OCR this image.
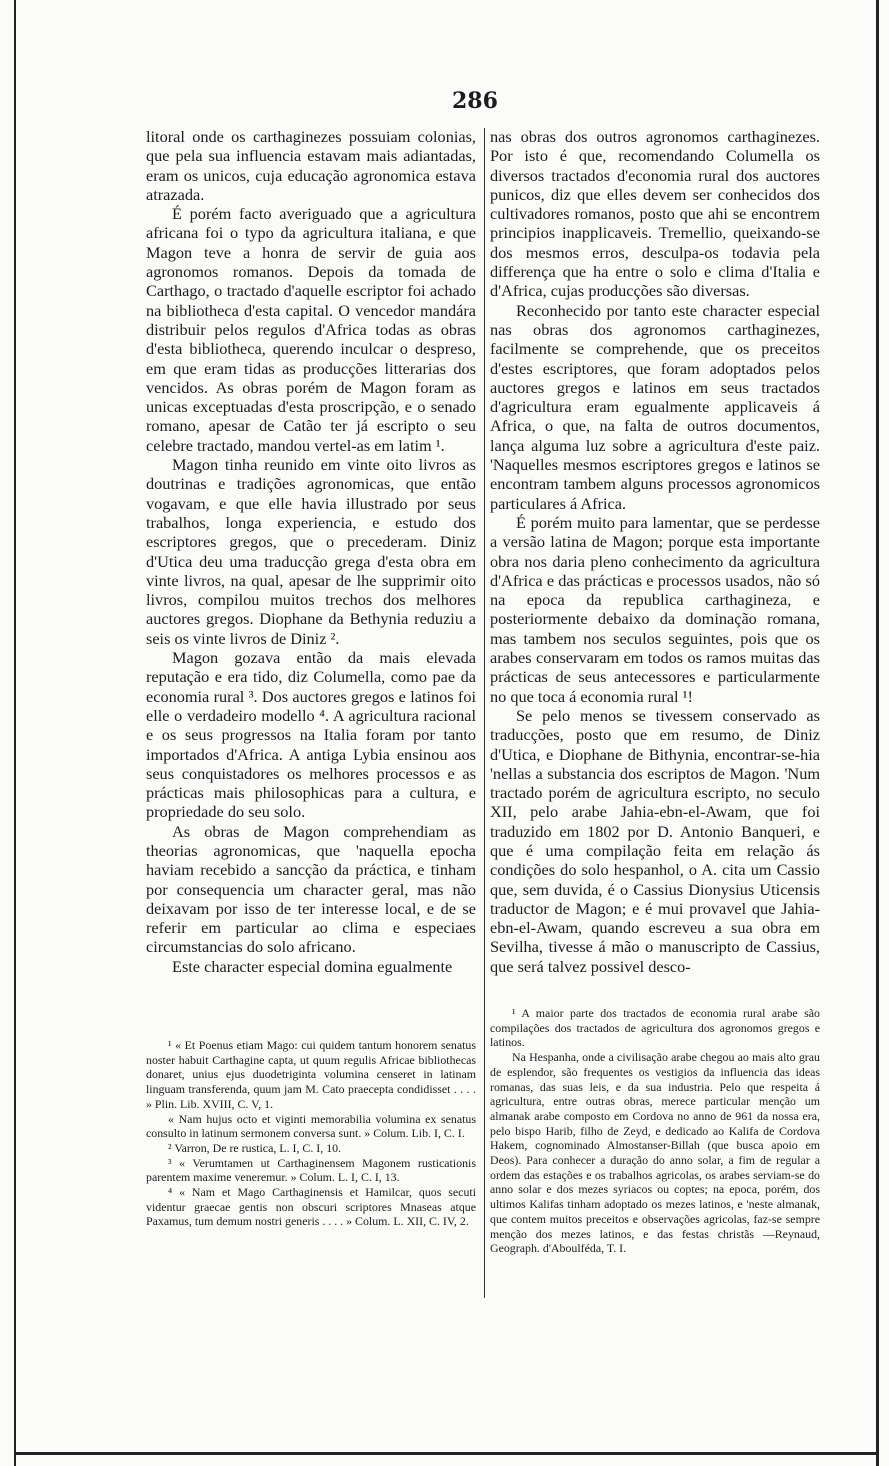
286

litoral onde os carthaginezes possuiam colonias, que pela sua influencia estavam mais adiantadas, eram os unicos, cuja educação agronomica estava atrazada.

É porém facto averiguado que a agricultura africana foi o typo da agricultura italiana, e que Magon teve a honra de servir de guia aos agronomos romanos. Depois da tomada de Carthago, o tractado d'aquelle escriptor foi achado na bibliotheca d'esta capital. O vencedor mandára distribuir pelos regulos d'Africa todas as obras d'esta bibliotheca, querendo inculcar o despreso, em que eram tidas as producções litterarias dos vencidos. As obras porém de Magon foram as unicas exceptuadas d'esta proscripção, e o senado romano, apesar de Catão ter já escripto o seu celebre tractado, mandou vertel-as em latim ¹.

Magon tinha reunido em vinte oito livros as doutrinas e tradições agronomicas, que então vogavam, e que elle havia illustrado por seus trabalhos, longa experiencia, e estudo dos escriptores gregos, que o precederam. Diniz d'Utica deu uma traducção grega d'esta obra em vinte livros, na qual, apesar de lhe supprimir oito livros, compilou muitos trechos dos melhores auctores gregos. Diophane da Bethynia reduziu a seis os vinte livros de Diniz ².

Magon gozava então da mais elevada reputação e era tido, diz Columella, como pae da economia rural ³. Dos auctores gregos e latinos foi elle o verdadeiro modello ⁴. A agricultura racional e os seus progressos na Italia foram por tanto importados d'Africa. A antiga Lybia ensinou aos seus conquistadores os melhores processos e as prácticas mais philosophicas para a cultura, e propriedade do seu solo.

As obras de Magon comprehendiam as theorias agronomicas, que 'naquella epocha haviam recebido a sancção da práctica, e tinham por consequencia um character geral, mas não deixavam por isso de ter interesse local, e de se referir em particular ao clima e especiaes circumstancias do solo africano.

Este character especial domina egualmente

nas obras dos outros agronomos carthaginezes. Por isto é que, recomendando Columella os diversos tractados d'economia rural dos auctores punicos, diz que elles devem ser conhecidos dos cultivadores romanos, posto que ahi se encontrem principios inapplicaveis. Tremellio, queixando-se dos mesmos erros, desculpa-os todavia pela differença que ha entre o solo e clima d'Italia e d'Africa, cujas producções são diversas.

Reconhecido por tanto este character especial nas obras dos agronomos carthaginezes, facilmente se comprehende, que os preceitos d'estes escriptores, que foram adoptados pelos auctores gregos e latinos em seus tractados d'agricultura eram egualmente applicaveis á Africa, o que, na falta de outros documentos, lança alguma luz sobre a agricultura d'este paiz. 'Naquelles mesmos escriptores gregos e latinos se encontram tambem alguns processos agronomicos particulares á Africa.

É porém muito para lamentar, que se perdesse a versão latina de Magon; porque esta importante obra nos daria pleno conhecimento da agricultura d'Africa e das prácticas e processos usados, não só na epoca da republica carthagineza, e posteriormente debaixo da dominação romana, mas tambem nos seculos seguintes, pois que os arabes conservaram em todos os ramos muitas das prácticas de seus antecessores e particularmente no que toca á economia rural ¹!

Se pelo menos se tivessem conservado as traducções, posto que em resumo, de Diniz d'Utica, e Diophane de Bithynia, encontrar-se-hia 'nellas a substancia dos escriptos de Magon. 'Num tractado porém de agricultura escripto, no seculo XII, pelo arabe Jahia-ebn-el-Awam, que foi traduzido em 1802 por D. Antonio Banqueri, e que é uma compilação feita em relação ás condições do solo hespanhol, o A. cita um Cassio que, sem duvida, é o Cassius Dionysius Uticensis traductor de Magon; e é mui provavel que Jahia-ebn-el-Awam, quando escreveu a sua obra em Sevilha, tivesse á mão o manuscripto de Cassius, que será talvez possivel desco-

¹ « Et Poenus etiam Mago: cui quidem tantum honorem senatus noster habuit Carthagine capta, ut quum regulis Africae bibliothecas donaret, unius ejus duodetriginta volumina censeret in latinam linguam transferenda, quum jam M. Cato praecepta condidisset . . . . » Plin. Lib. XVIII, C. V, 1.

« Nam hujus octo et viginti memorabilia volumina ex senatus consulto in latinum sermonem conversa sunt. » Colum. Lib. I, C. I.

² Varron, De re rustica, L. I, C. I, 10.

³ « Verumtamen ut Carthaginensem Magonem rusticationis parentem maxime veneremur. » Colum. L. I, C. I, 13.

⁴ « Nam et Mago Carthaginensis et Hamilcar, quos secuti videntur graecae gentis non obscuri scriptores Mnaseas atque Paxamus, tum demum nostri generis . . . . » Colum. L. XII, C. IV, 2.

¹ A maior parte dos tractados de economia rural arabe são compilações dos tractados de agricultura dos agronomos gregos e latinos.

Na Hespanha, onde a civilisação arabe chegou ao mais alto grau de esplendor, são frequentes os vestigios da influencia das ideas romanas, das suas leis, e da sua industria. Pelo que respeita á agricultura, entre outras obras, merece particular menção um almanak arabe composto em Cordova no anno de 961 da nossa era, pelo bispo Harib, filho de Zeyd, e dedicado ao Kalifa de Cordova Hakem, cognominado Almostanser-Billah (que busca apoio em Deos). Para conhecer a duração do anno solar, a fim de regular a ordem das estações e os trabalhos agricolas, os arabes serviam-se do anno solar e dos mezes syriacos ou coptes; na epoca, porém, dos ultimos Kalifas tinham adoptado os mezes latinos, e 'neste almanak, que contem muitos preceitos e observações agricolas, faz-se sempre menção dos mezes latinos, e das festas christãs —Reynaud, Geograph. d'Aboulféda, T. I.
